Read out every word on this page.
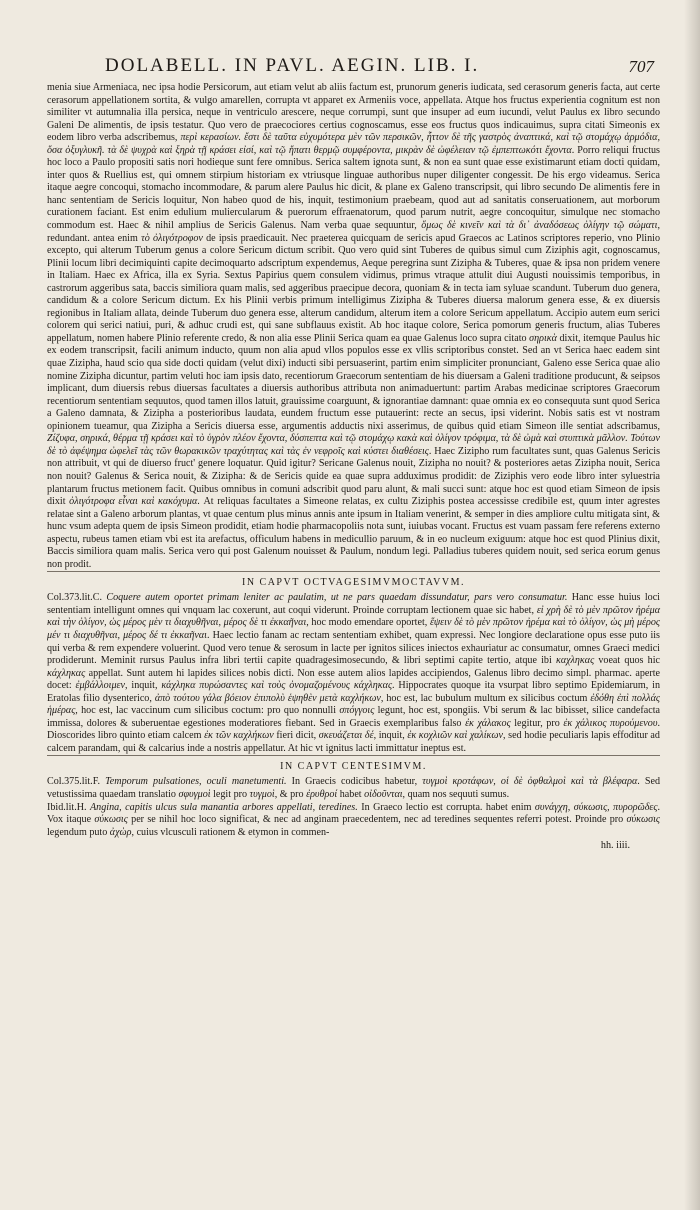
DOLABELL. IN PAVL. AEGIN. LIB. I.	707

menia siue Armeniaca, nec ipsa hodie Persicorum, aut etiam velut ab aliis factum est, prunorum generis iudicata, sed cerasorum generis facta, aut certe cerasorum appellationem sortita, & vulgo amarellen, corrupta vt apparet ex Armeniis voce, appellata. Atque hos fructus experientia cognitum est non similiter vt autumnalia illa persica, neque in ventriculo arescere, neque corrumpi, sunt que insuper ad eum iucundi, velut Paulus ex libro secundo Galeni De alimentis, de ipsis testatur. Quo vero de praecociores certius cognoscamus, esse eos fructus quos indicauimus, supra citati Simeonis ex eodem libro verba adscribemus, περὶ κερασίων. ἔστι δὲ ταῦτα εὐχυμότερα μὲν τῶν περσικῶν, ἧττον δὲ τῆς γαστρὸς ἀναπτικά, καὶ τῷ στομάχῳ ἁρμόδια, ὅσα ὀξυγλυκῆ. τὰ δὲ ψυχρὰ καὶ ξηρὰ τῇ κράσει εἰσί, καὶ τῷ ἥπατι θερμῷ συμφέροντα, μικρὰν δὲ ὠφέλειαν τῷ ἐμπεπτωκότι ἔχοντα. Porro reliqui fructus hoc loco a Paulo propositi satis nori hodieque sunt fere omnibus. Serica saltem ignota sunt, & non ea sunt quae esse existimarunt etiam docti quidam, inter quos & Ruellius est, qui omnem stirpium historiam ex vtriusque linguae authoribus nuper diligenter congessit. De his ergo videamus. Serica itaque aegre concoqui, stomacho incommodare, & parum alere Paulus hic dicit, & plane ex Galeno transcripsit, qui libro secundo De alimentis fere in hanc sententiam de Sericis loquitur, Non habeo quod de his, inquit, testimonium praebeam, quod aut ad sanitatis conseruationem, aut morborum curationem faciant. Est enim edulium muliercularum & puerorum effraenatorum, quod parum nutrit, aegre concoquitur, simulque nec stomacho commodum est. Haec & nihil amplius de Sericis Galenus. Nam verba quae sequuntur, ὅμως δὲ κινεῖν καὶ τὰ δι᾽ ἀναδόσεως ὀλίγην τῷ σώματι, redundant. antea enim τὸ ὀλιγότροφον de ipsis praedicauit. Nec praeterea quicquam de sericis apud Graecos ac Latinos scriptores reperio, vno Plinio excepto, qui alterum Tuberum genus a colore Sericum dictum scribit. Quo vero quid sint Tuberes de quibus simul cum Ziziphis agit, cognoscamus, Plinii locum libri decimiquinti capite decimoquarto adscriptum expendemus, Aeque peregrina sunt Zizipha & Tuberes, quae & ipsa non pridem venere in Italiam. Haec ex Africa, illa ex Syria. Sextus Papirius quem consulem vidimus, primus vtraque attulit diui Augusti nouissimis temporibus, in castrorum aggeribus sata, baccis similiora quam malis, sed aggeribus praecipue decora, quoniam & in tecta iam syluae scandunt. Tuberum duo genera, candidum & a colore Sericum dictum. Ex his Plinii verbis primum intelligimus Zizipha & Tuberes diuersa malorum genera esse, & ex diuersis regionibus in Italiam allata, deinde Tuberum duo genera esse, alterum candidum, alterum item a colore Sericum appellatum. Accipio autem eum serici colorem qui serici natiui, puri, & adhuc crudi est, qui sane subflauus existit. Ab hoc itaque colore, Serica pomorum generis fructum, alias Tuberes appellatum, nomen habere Plinio referente credo, & non alia esse Plinii Serica quam ea quae Galenus loco supra citato σηρικὰ dixit, itemque Paulus hic ex eodem transcripsit, facili animum inducto, quum non alia apud vllos populos esse ex vllis scriptoribus constet. Sed an vt Serica haec eadem sint quae Zizipha, haud scio qua side docti quidam (velut dixi) inducti sibi persuaserint, partim enim simpliciter pronunciant, Galeno esse Serica quae alio nomine Zizipha dicuntur, partim veluti hoc iam ipsis dato, recentiorum Graecorum sententiam de his diuersam a Galeni traditione producunt, & seipsos implicant, dum diuersis rebus diuersas facultates a diuersis authoribus attributa non animaduertunt: partim Arabas medicinae scriptores Graecorum recentiorum sententiam sequutos, quod tamen illos latuit, grauissime coarguunt, & ignorantiae damnant: quae omnia ex eo consequuta sunt quod Serica a Galeno damnata, & Zizipha a posterioribus laudata, eundem fructum esse putauerint: recte an secus, ipsi viderint. Nobis satis est vt nostram opinionem tueamur, qua Zizipha a Sericis diuersa esse, argumentis adductis nixi asserimus, de quibus quid etiam Simeon ille sentiat adscribamus, Ζίζυφα, σηρικά, θέρμα τῇ κράσει καὶ τὸ ὑγρὸν πλέον ἔχοντα, δύσπεπτα καὶ τῷ στομάχῳ κακὰ καὶ ὀλίγον τρόφιμα, τὰ δὲ ὠμὰ καὶ στυπτικὰ μᾶλλον. Τούτων δὲ τὸ ἀφέψημα ὠφελεῖ τὰς τῶν θωρακικῶν τραχύτητας καὶ τὰς ἐν νεφροῖς καὶ κύστει διαθέσεις. Haec Zizipho rum facultates sunt, quas Galenus Sericis non attribuit, vt qui de diuerso fruct' genere loquatur. Quid igitur? Sericane Galenus nouit, Zizipha no nouit? & posteriores aetas Zizipha nouit, Serica non nouit? Galenus & Serica nouit, & Zizipha: & de Sericis quide ea quae supra adduximus prodidit: de Ziziphis vero eode libro inter syluestria plantarum fructus metionem facit. Quibus omnibus in comuni adscribit quod paru alunt, & mali succi sunt: atque hoc est quod etiam Simeon de ipsis dixit ὀλιγότροφα εἶναι καὶ κακόχυμα. At reliquas facultates a Simeone relatas, ex cultu Ziziphis postea accessisse credibile est, quum inter agrestes relatae sint a Galeno arborum plantas, vt quae centum plus minus annis ante ipsum in Italiam venerint, & semper in dies ampliore cultu mitigata sint, & hunc vsum adepta quem de ipsis Simeon prodidit, etiam hodie pharmacopoliis nota sunt, iuiubas vocant. Fructus est vuam passam fere referens externo aspectu, rubeus tamen etiam vbi est ita arefactus, officulum habens in medicullio paruum, & in eo nucleum exiguum: atque hoc est quod Plinius dixit, Baccis similiora quam malis. Serica vero qui post Galenum nouisset & Paulum, nondum legi. Palladius tuberes quidem nouit, sed serica eorum genus non prodit.

IN CAPVT OCTVAGESIMVMOCTAVVM.

Col.373.lit.C. Coquere autem oportet primam leniter ac paulatim, ut ne pars quaedam dissundatur, pars vero consumatur. Hanc esse huius loci sententiam intelligunt omnes qui vnquam lac coxerunt, aut coqui viderunt. Proinde corruptam lectionem quae sic habet, εἰ χρὴ δὲ τὸ μὲν πρῶτον ἠρέμα καὶ τὴν ὀλίγον, ὡς μέρος μὲν τι διαχυθῆναι, μέρος δὲ τι ἐκκαῆναι, hoc modo emendare oportet, ἕψειν δὲ τὸ μὲν πρῶτον ἠρέμα καὶ τὸ ὀλίγον, ὡς μὴ μέρος μέν τι διαχυθῆναι, μέρος δέ τι ἐκκαῆναι. Haec lectio fanam ac rectam sententiam exhibet, quam expressi. Nec longiore declaratione opus esse puto iis qui verba & rem expendere voluerint. Quod vero tenue & serosum in lacte per ignitos silices iniectos exhauriatur ac consumatur, omnes Graeci medici prodiderunt. Meminit rursus Paulus infra libri tertii capite quadragesimosecundo, & libri septimi capite tertio, atque ibi καχληκας voeat quos hic κάχληκας appellat. Sunt autem hi lapides silices nobis dicti. Non esse autem alios lapides accipiendos, Galenus libro decimo simpl. pharmac. aperte docet: ἐμβάλλοιμεν, inquit, κάχληκα πυρώσαντες καὶ τοὺς ὀνομαζομένους κάχληκας. Hippocrates quoque ita vsurpat libro septimo Epidemiarum, in Eratolas filio dysenterico, ἀπὸ τούτου γάλα βόειον ἐπιπολὺ ἑψηθὲν μετὰ καχλήκων, hoc est, lac bubulum multum ex silicibus coctum ἐδόθη ἐπὶ πολλάς ἡμέρας, hoc est, lac vaccinum cum silicibus coctum: pro quo nonnulli σπόγγοις legunt, hoc est, spongiis. Vbi serum & lac bibisset, silice candefacta immissa, dolores & suberuentae egestiones moderatiores fiebant. Sed in Graecis exemplaribus falso ἐκ χάλακος legitur, pro ἐκ χάλικος πυρούμενου. Dioscorides libro quinto etiam calcem ἐκ τῶν καχλήκων fieri dicit, σκευάζεται δέ, inquit, ἐκ κοχλιῶν καὶ χαλίκων, sed hodie peculiaris lapis effoditur ad calcem parandam, qui & calcarius inde a nostris appellatur. At hic vt ignitus lacti immittatur ineptus est.

IN CAPVT CENTESIMVM.

Col.375.lit.F. Temporum pulsationes, oculi manetumenti. In Graecis codicibus habetur, τυγμοὶ κροτάφων, οἱ δὲ ὀφθαλμοὶ καὶ τὰ βλέφαρα. Sed vetustissima quaedam translatio σφυγμοὶ legit pro τυγμοὶ, & pro ἐρυθροί habet οἰδοῦνται, quam nos sequuti sumus.

Ibid.lit.H. Angina, capitis ulcus sula manantia arbores appellati, teredines. In Graeco lectio est corrupta. habet enim συνάγχη, σύκωσις, πυρορῶδες. Vox itaque σύκωσις per se nihil hoc loco significat, & nec ad anginam praecedentem, nec ad teredines sequentes referri potest. Proinde pro σύκωσις legendum puto ἀχὼρ, cuius vlcusculi rationem & etymon in commen-

hh. iiii.
